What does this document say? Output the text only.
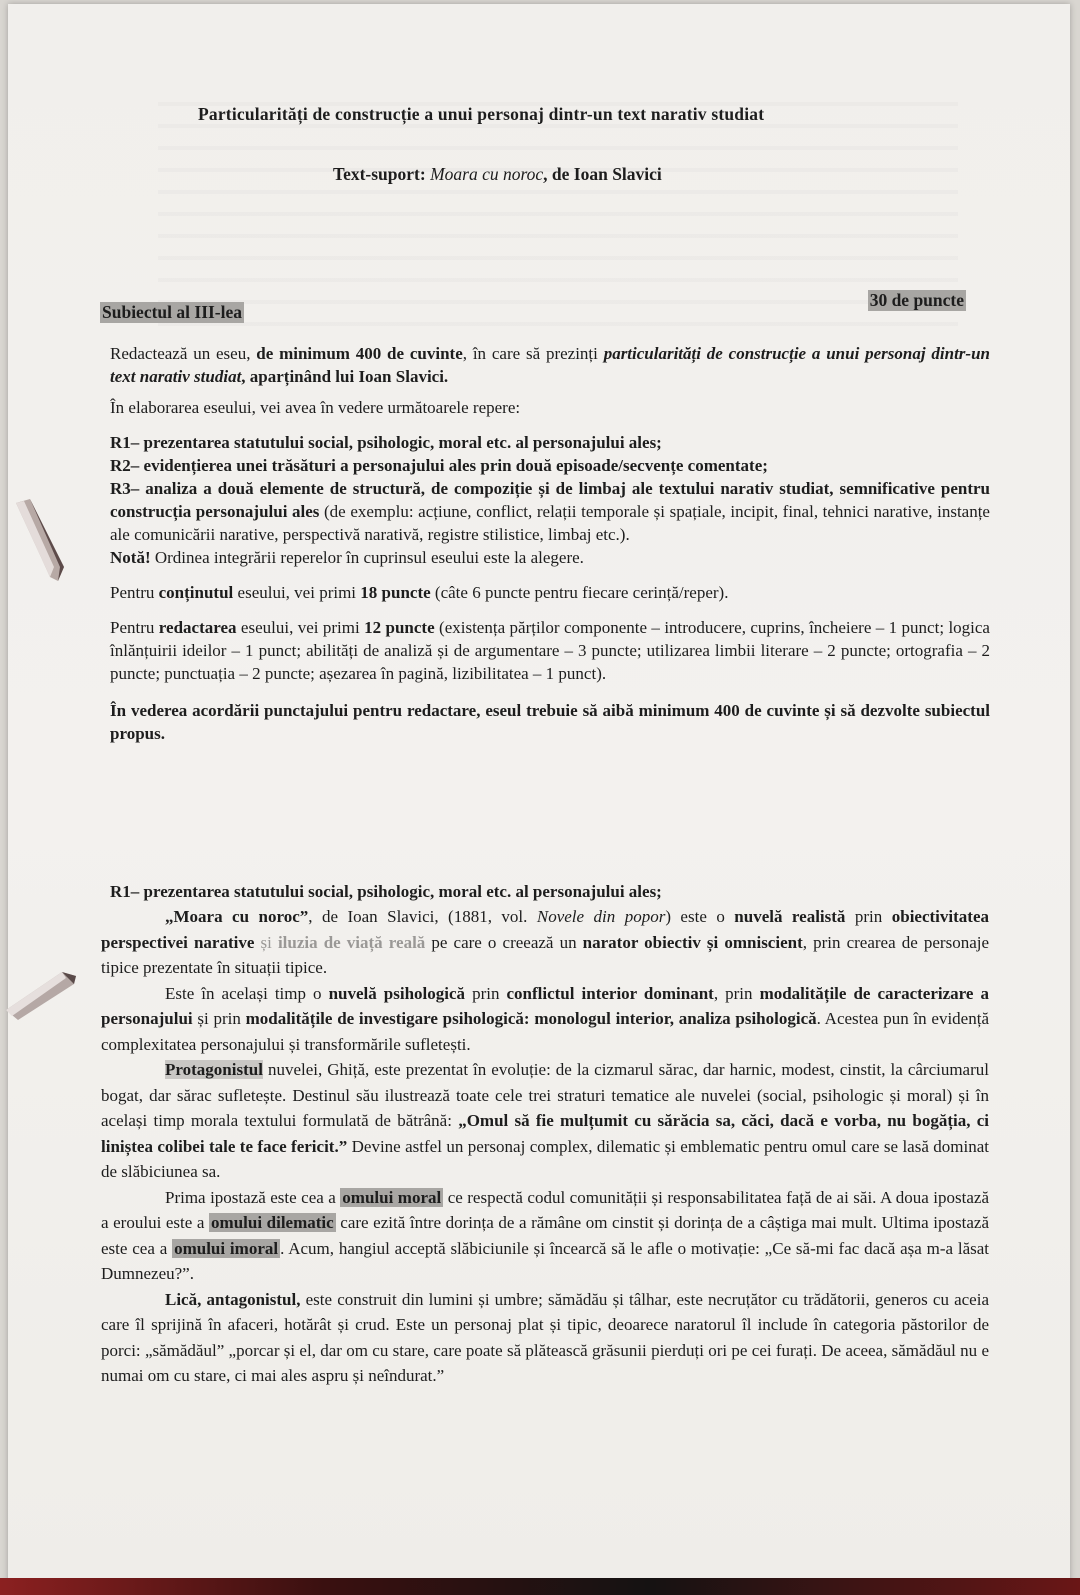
Particularități de construcție a unui personaj dintr-un text narativ studiat
Text-suport: Moara cu noroc, de Ioan Slavici
Subiectul al III-lea
30 de puncte

Redactează un eseu, de minimum 400 de cuvinte, în care să prezinți particularități de construcție a unui personaj dintr-un text narativ studiat, aparținând lui Ioan Slavici.

În elaborarea eseului, vei avea în vedere următoarele repere:

R1– prezentarea statutului social, psihologic, moral etc. al personajului ales;

R2– evidențierea unei trăsături a personajului ales prin două episoade/secvențe comentate;

R3– analiza a două elemente de structură, de compoziție și de limbaj ale textului narativ studiat, semnificative pentru construcția personajului ales (de exemplu: acțiune, conflict, relații temporale și spațiale, incipit, final, tehnici narative, instanțe ale comunicării narative, perspectivă narativă, registre stilistice, limbaj etc.).

Notă! Ordinea integrării reperelor în cuprinsul eseului este la alegere.

Pentru conținutul eseului, vei primi 18 puncte (câte 6 puncte pentru fiecare cerință/reper).

Pentru redactarea eseului, vei primi 12 puncte (existența părților componente – introducere, cuprins, încheiere – 1 punct; logica înlănțuirii ideilor – 1 punct; abilități de analiză și de argumentare – 3 puncte; utilizarea limbii literare – 2 puncte; ortografia – 2 puncte; punctuația – 2 puncte; așezarea în pagină, lizibilitatea – 1 punct).

În vederea acordării punctajului pentru redactare, eseul trebuie să aibă minimum 400 de cuvinte și să dezvolte subiectul propus.

R1– prezentarea statutului social, psihologic, moral etc. al personajului ales;

„Moara cu noroc”, de Ioan Slavici, (1881, vol. Novele din popor) este o nuvelă realistă prin obiectivitatea perspectivei narative și iluzia de viață reală pe care o creează un narator obiectiv și omniscient, prin crearea de personaje tipice prezentate în situații tipice.

Este în același timp o nuvelă psihologică prin conflictul interior dominant, prin modalitățile de caracterizare a personajului și prin modalitățile de investigare psihologică: monologul interior, analiza psihologică. Acestea pun în evidență complexitatea personajului și transformările sufletești.

Protagonistul nuvelei, Ghiță, este prezentat în evoluție: de la cizmarul sărac, dar harnic, modest, cinstit, la cârciumarul bogat, dar sărac sufletește. Destinul său ilustrează toate cele trei straturi tematice ale nuvelei (social, psihologic și moral) și în același timp morala textului formulată de bătrână: „Omul să fie mulțumit cu sărăcia sa, căci, dacă e vorba, nu bogăția, ci liniștea colibei tale te face fericit.” Devine astfel un personaj complex, dilematic și emblematic pentru omul care se lasă dominat de slăbiciunea sa.

Prima ipostază este cea a omului moral ce respectă codul comunității și responsabilitatea față de ai săi. A doua ipostază a eroului este a omului dilematic care ezită între dorința de a rămâne om cinstit și dorința de a câștiga mai mult. Ultima ipostază este cea a omului imoral . Acum, hangiul acceptă slăbiciunile și încearcă să le afle o motivație: „Ce să-mi fac dacă așa m-a lăsat Dumnezeu?”.

Lică, antagonistul, este construit din lumini și umbre; sămădău și tâlhar, este necruțător cu trădătorii, generos cu aceia care îl sprijină în afaceri, hotărât și crud. Este un personaj plat și tipic, deoarece naratorul îl include în categoria păstorilor de porci: „sămădăul” „porcar și el, dar om cu stare, care poate să plătească grăsunii pierduți ori pe cei furați. De aceea, sămădăul nu e numai om cu stare, ci mai ales aspru și neîndurat.”
